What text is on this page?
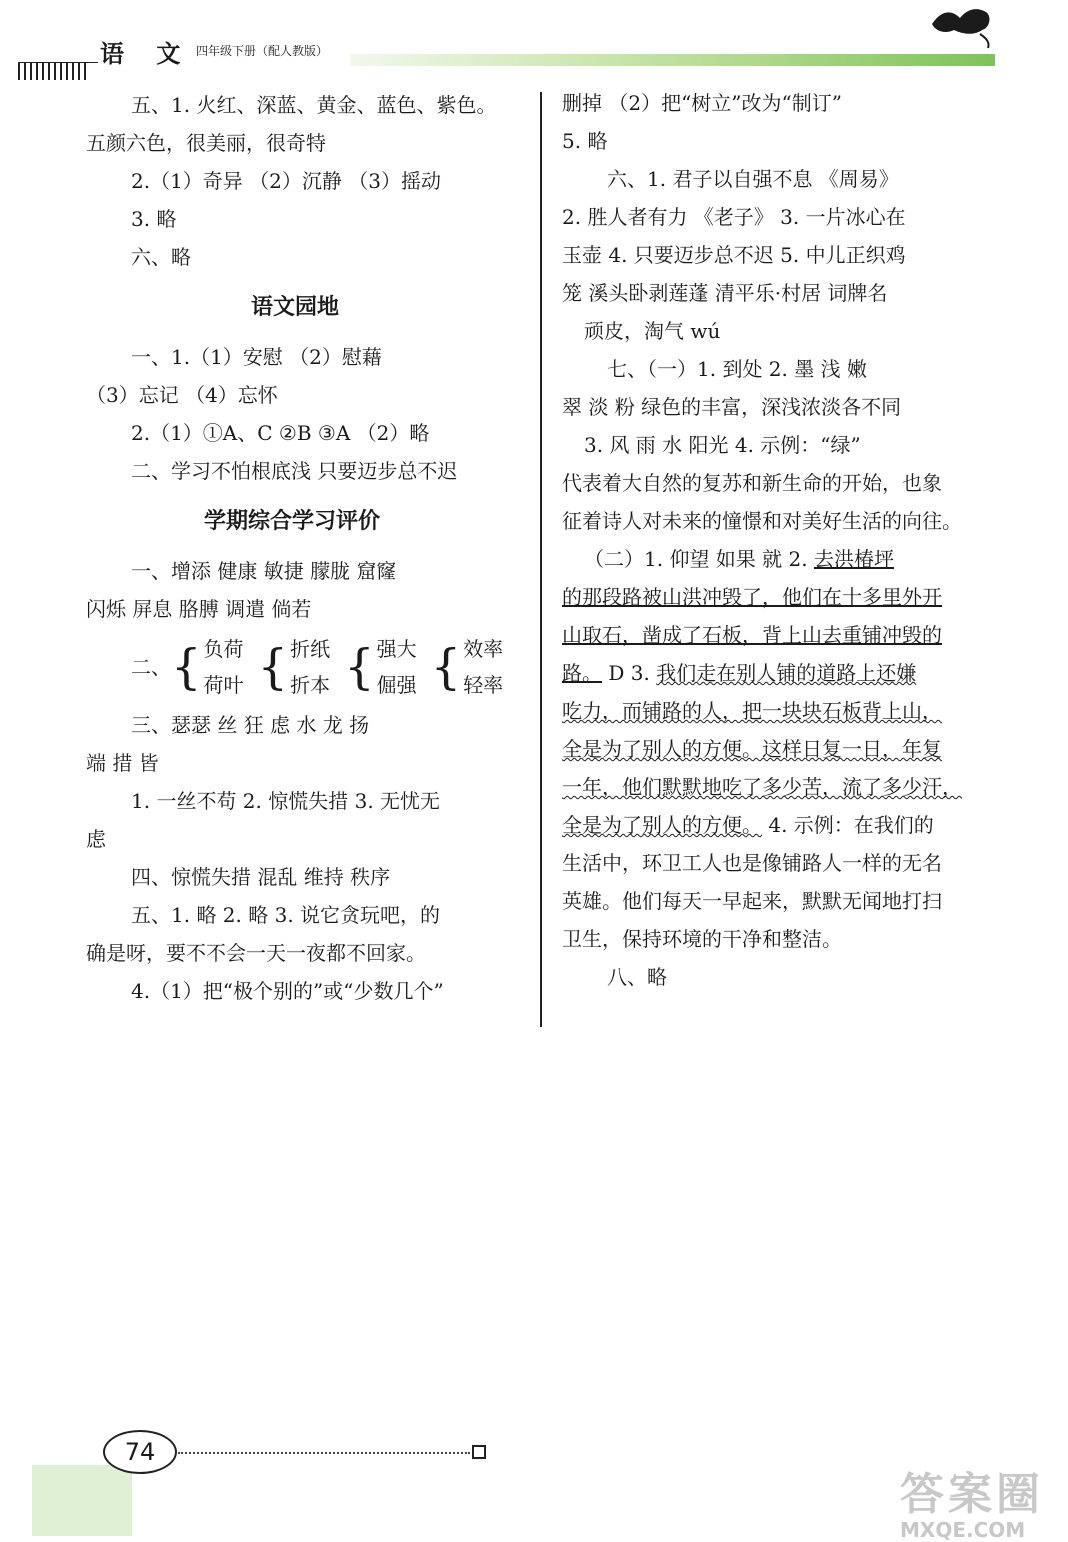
语 文 四年级下册（配人教版）

五、1. 火红、深蓝、黄金、蓝色、紫色。

五颜六色，很美丽，很奇特

2.（1）奇异 （2）沉静 （3）摇动

3. 略

六、略

语文园地

一、1.（1）安慰 （2）慰藉

（3）忘记 （4）忘怀

2.（1）①A、C ②B ③A （2）略

二、学习不怕根底浅 只要迈步总不迟

学期综合学习评价

一、增添 健康 敏捷 朦胧 窟窿

闪烁 屏息 胳膊 调遣 倘若

二、 { 负荷
荷叶 { 折纸
折本 { 强大
倔强 { 效率
轻率

三、瑟瑟 丝 狂 虑 水 龙 扬

端 措 皆

1. 一丝不苟 2. 惊慌失措 3. 无忧无

虑

四、惊慌失措 混乱 维持 秩序

五、1. 略 2. 略 3. 说它贪玩吧，的

确是呀，要不不会一天一夜都不回家。

4.（1）把“极个别的”或“少数几个”

删掉 （2）把“树立”改为“制订”

5. 略

六、1. 君子以自强不息 《周易》

2. 胜人者有力 《老子》 3. 一片冰心在

玉壶 4. 只要迈步总不迟 5. 中儿正织鸡

笼 溪头卧剥莲蓬 清平乐·村居 词牌名

顽皮，淘气 wú

七、（一）1. 到处 2. 墨 浅 嫩

翠 淡 粉 绿色的丰富，深浅浓淡各不同

3. 风 雨 水 阳光 4. 示例：“绿”

代表着大自然的复苏和新生命的开始，也象

征着诗人对未来的憧憬和对美好生活的向往。

（二）1. 仰望 如果 就 2. 去洪椿坪

的那段路被山洪冲毁了，他们在十多里外开

山取石，凿成了石板，背上山去重铺冲毁的

路。 D 3. 我们走在别人铺的道路上还嫌

吃力，而铺路的人，把一块块石板背上山，

全是为了别人的方便。这样日复一日，年复

一年，他们默默地吃了多少苦，流了多少汗，

全是为了别人的方便。 4. 示例：在我们的

生活中，环卫工人也是像铺路人一样的无名

英雄。他们每天一早起来，默默无闻地打扫

卫生，保持环境的干净和整洁。

八、略

74
答案圈
MXQE.COM
